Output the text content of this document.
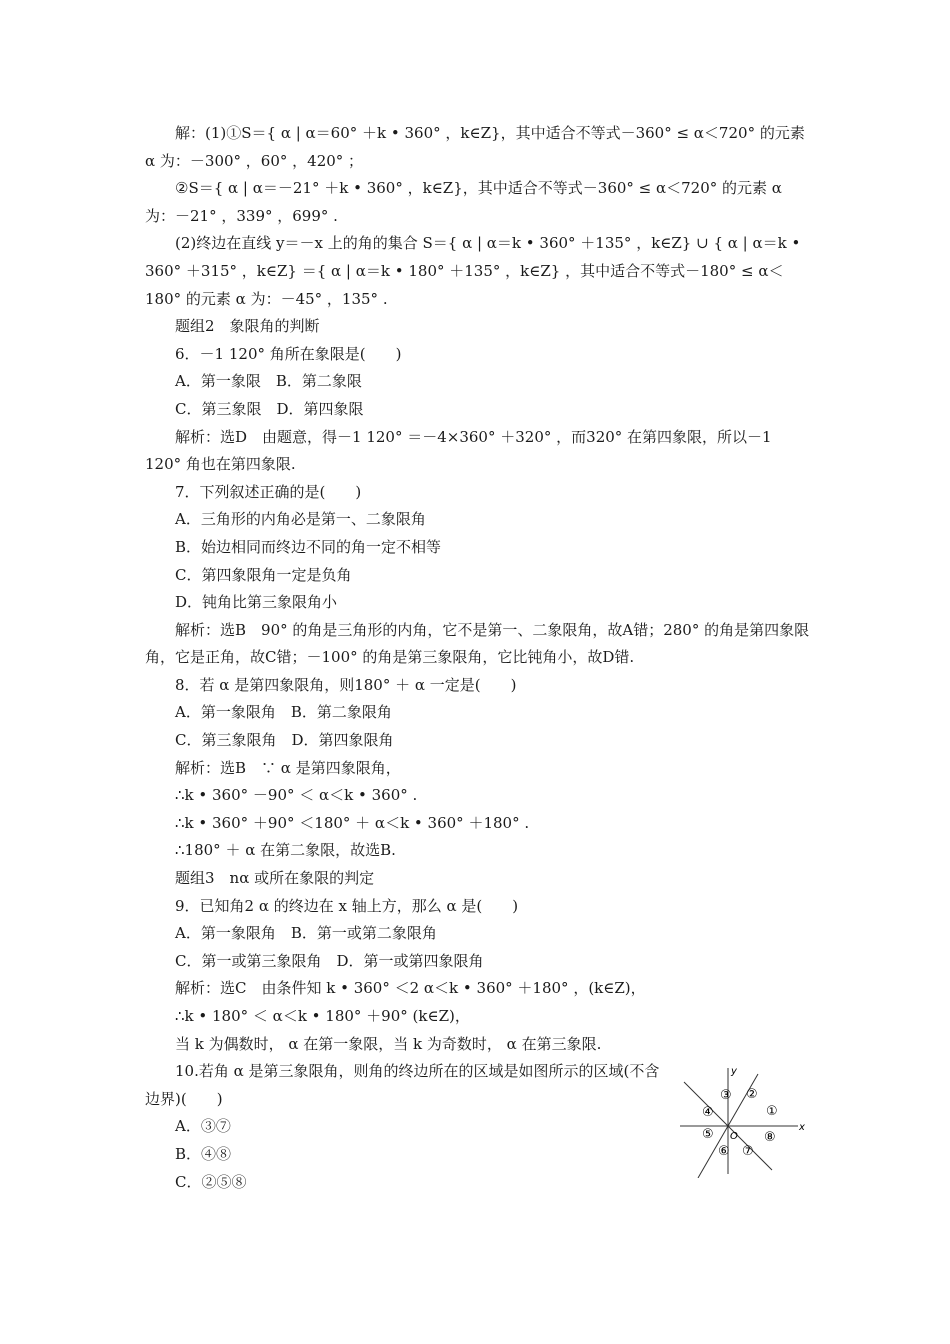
解：(1)①S＝{ α | α＝60° ＋k • 360° ，k∈Z}，其中适合不等式－360° ≤ α＜720° 的元素 α 为：－300° ，60° ，420° ；

②S＝{ α | α＝－21° ＋k • 360° ，k∈Z}，其中适合不等式－360° ≤ α＜720° 的元素 α 为：－21° ，339° ，699° .

(2)终边在直线 y＝－x 上的角的集合 S＝{ α | α＝k • 360° ＋135° ，k∈Z} ∪ { α | α＝k • 360° ＋315° ，k∈Z} ＝{ α | α＝k • 180° ＋135° ，k∈Z} ，其中适合不等式－180° ≤ α＜180° 的元素 α 为：－45° ，135° .

题组2　象限角的判断

6．－1 120° 角所在象限是(　　)

A．第一象限　B．第二象限

C．第三象限　D．第四象限

解析：选D　由题意，得－1 120° ＝－4×360° ＋320° ，而320° 在第四象限，所以－1 120° 角也在第四象限.

7．下列叙述正确的是(　　)

A．三角形的内角必是第一、二象限角

B．始边相同而终边不同的角一定不相等

C．第四象限角一定是负角

D．钝角比第三象限角小

解析：选B　90° 的角是三角形的内角，它不是第一、二象限角，故A错；280° 的角是第四象限角，它是正角，故C错；－100° 的角是第三象限角，它比钝角小，故D错.

8．若 α 是第四象限角，则180° ＋ α 一定是(　　)

A．第一象限角　B．第二象限角

C．第三象限角　D．第四象限角

解析：选B　∵ α 是第四象限角，

∴k • 360° －90° ＜ α＜k • 360° .

∴k • 360° ＋90° ＜180° ＋ α＜k • 360° ＋180° .

∴180° ＋ α 在第二象限，故选B.

题组3　nα 或所在象限的判定

9．已知角2 α 的终边在 x 轴上方，那么 α 是(　　)

A．第一象限角　B．第一或第二象限角

C．第一或第三象限角　D．第一或第四象限角

解析：选C　由条件知 k • 360° ＜2 α＜k • 360° ＋180° ，(k∈Z)，

∴k • 180° ＜ α＜k • 180° ＋90° (k∈Z)，

当 k 为偶数时， α 在第一象限，当 k 为奇数时， α 在第三象限.

10.若角 α 是第三象限角，则角的终边所在的区域是如图所示的区域(不含边界)(　　)

A．③⑦

B．④⑧

C．②⑤⑧

y
x
O
①
②
③
④
⑤
⑥ ⑦
⑧
